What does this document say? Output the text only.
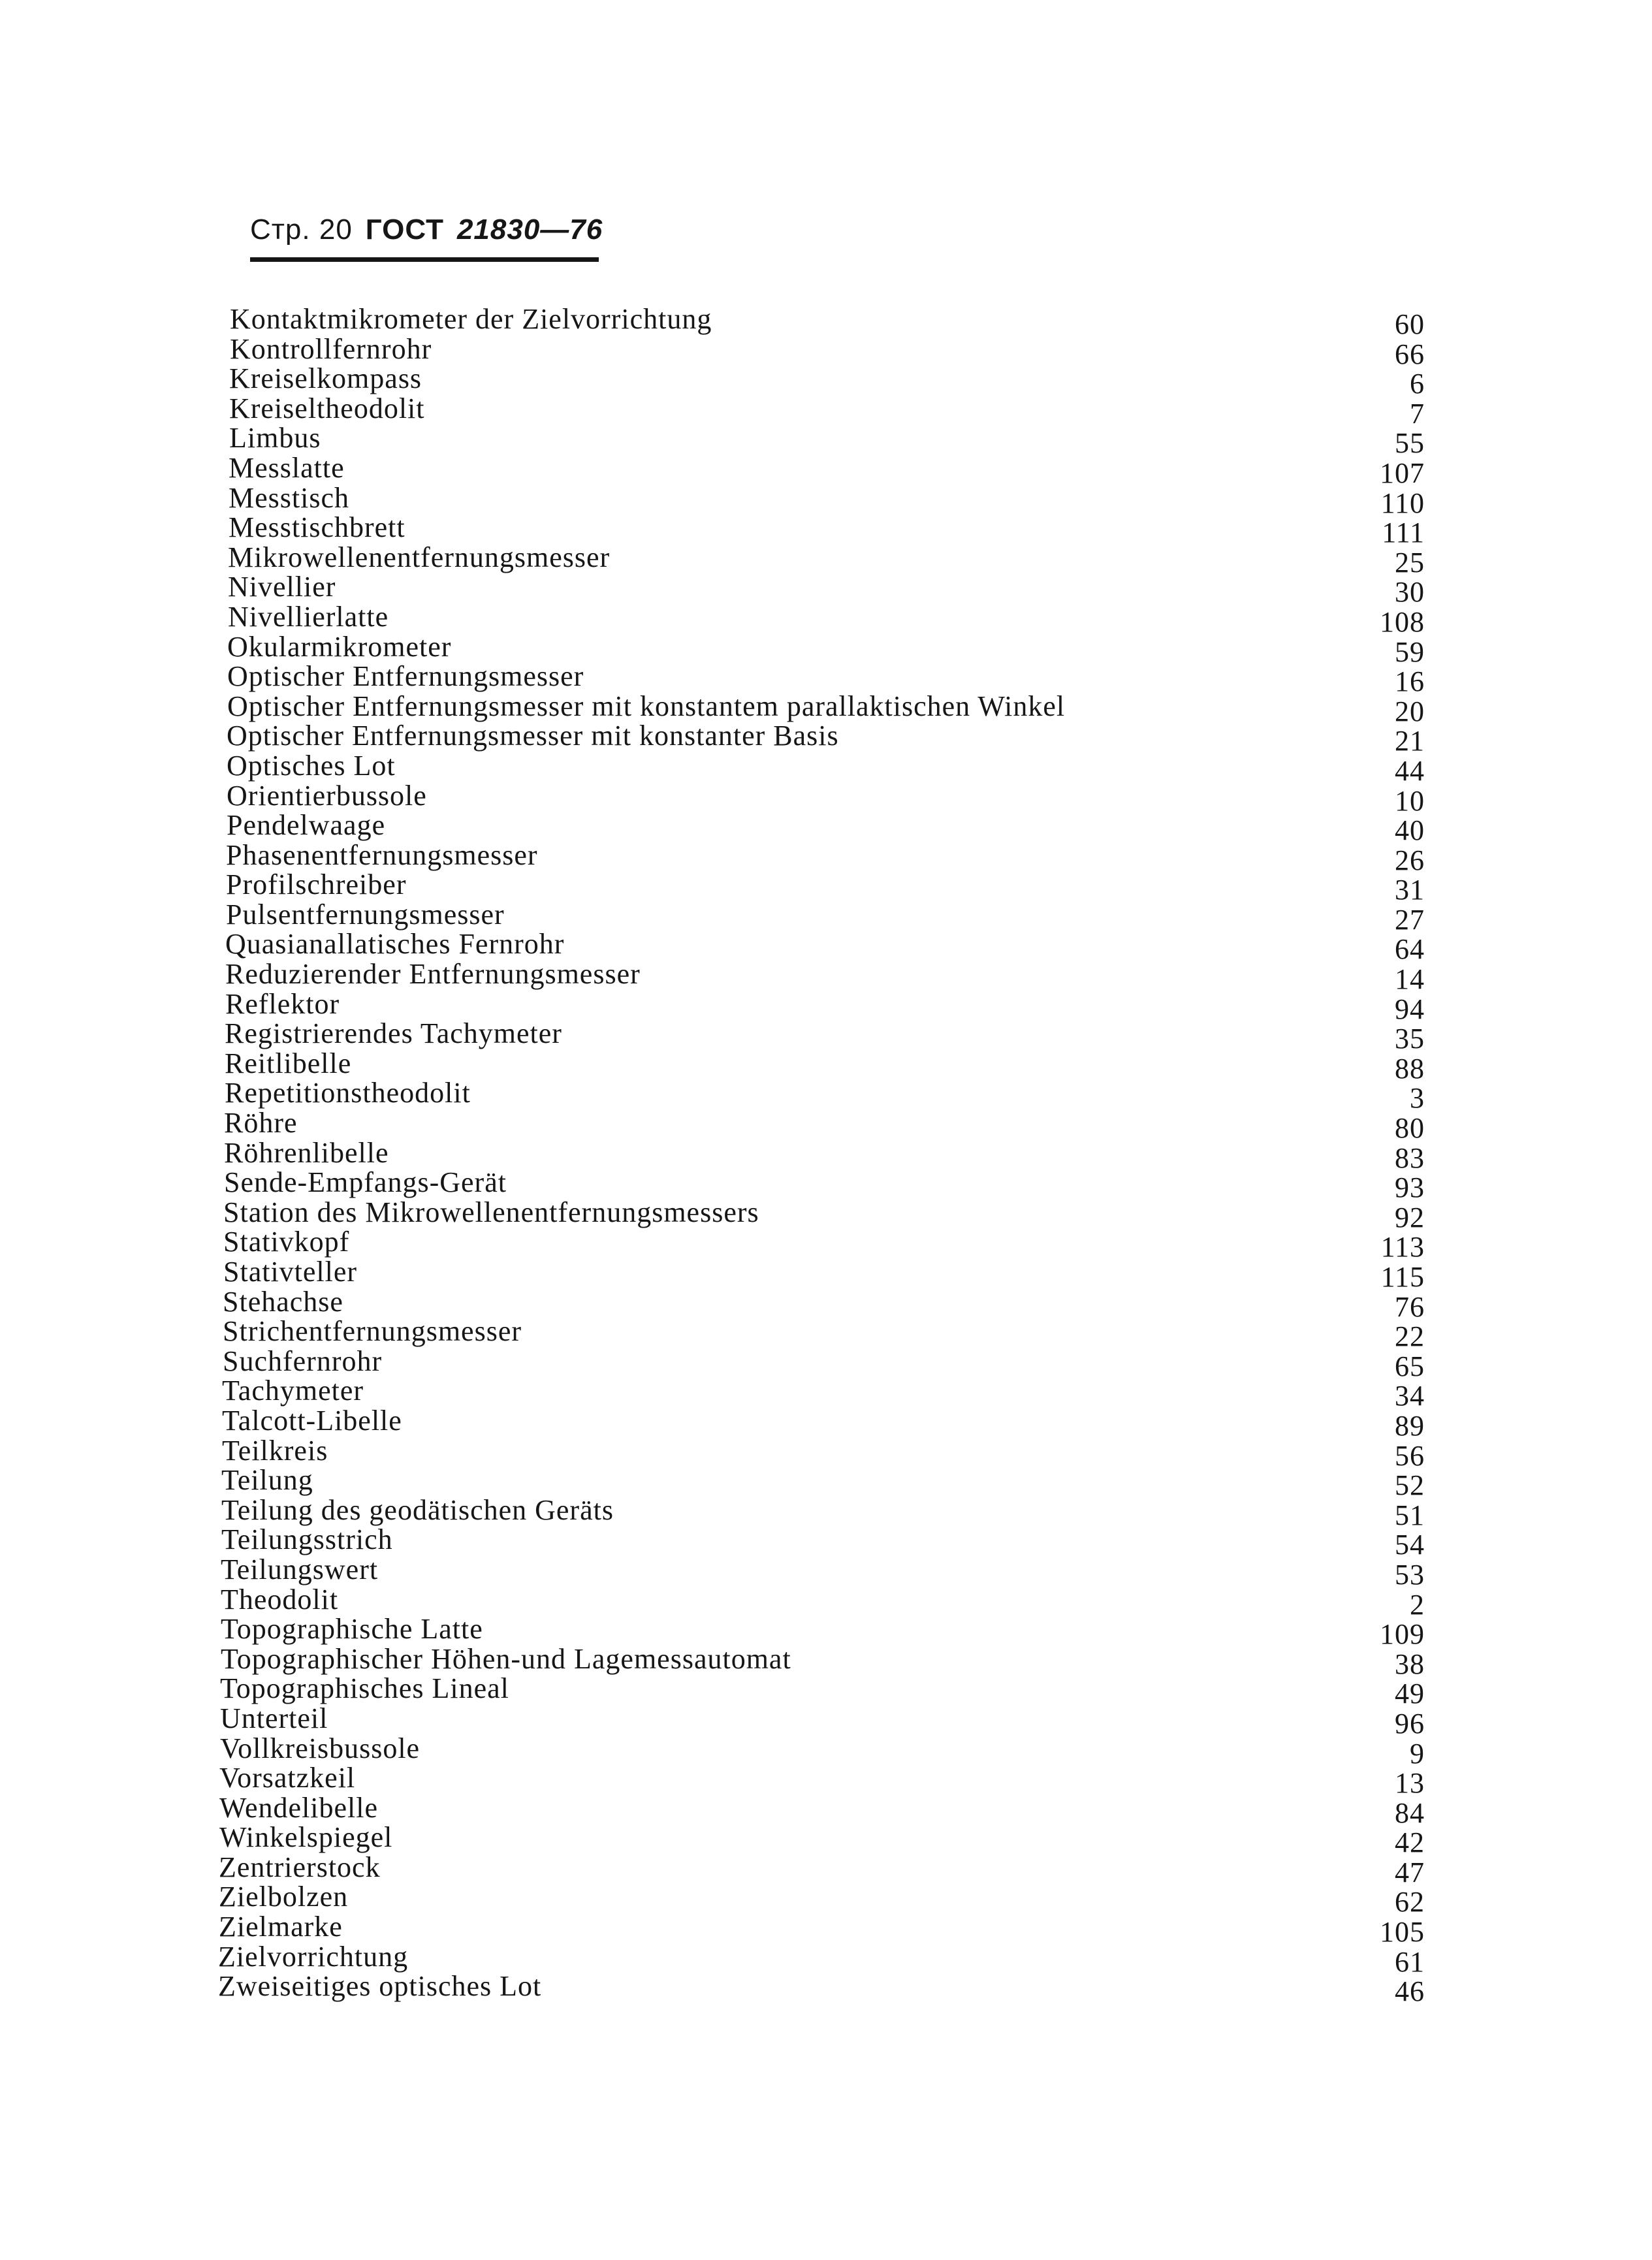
Стр. 20 ГОСТ 21830—76
Kontaktmikrometer der Zielvorrichtung	60
Kontrollfernrohr	66
Kreiselkompass	6
Kreiseltheodolit	7
Limbus	55
Messlatte	107
Messtisch	110
Messtischbrett	111
Mikrowellenentfernungsmesser	25
Nivellier	30
Nivellierlatte	108
Okularmikrometer	59
Optischer Entfernungsmesser	16
Optischer Entfernungsmesser mit konstantem parallaktischen Winkel	20
Optischer Entfernungsmesser mit konstanter Basis	21
Optisches Lot	44
Orientierbussole	10
Pendelwaage	40
Phasenentfernungsmesser	26
Profilschreiber	31
Pulsentfernungsmesser	27
Quasianallatisches Fernrohr	64
Reduzierender Entfernungsmesser	14
Reflektor	94
Registrierendes Tachymeter	35
Reitlibelle	88
Repetitionstheodolit	3
Röhre	80
Röhrenlibelle	83
Sende-Empfangs-Gerät	93
Station des Mikrowellenentfernungsmessers	92
Stativkopf	113
Stativteller	115
Stehachse	76
Strichentfernungsmesser	22
Suchfernrohr	65
Tachymeter	34
Talcott-Libelle	89
Teilkreis	56
Teilung	52
Teilung des geodätischen Geräts	51
Teilungsstrich	54
Teilungswert	53
Theodolit	2
Topographische Latte	109
Topographischer Höhen-und Lagemessautomat	38
Topographisches Lineal	49
Unterteil	96
Vollkreisbussole	9
Vorsatzkeil	13
Wendelibelle	84
Winkelspiegel	42
Zentrierstock	47
Zielbolzen	62
Zielmarke	105
Zielvorrichtung	61
Zweiseitiges optisches Lot	46
